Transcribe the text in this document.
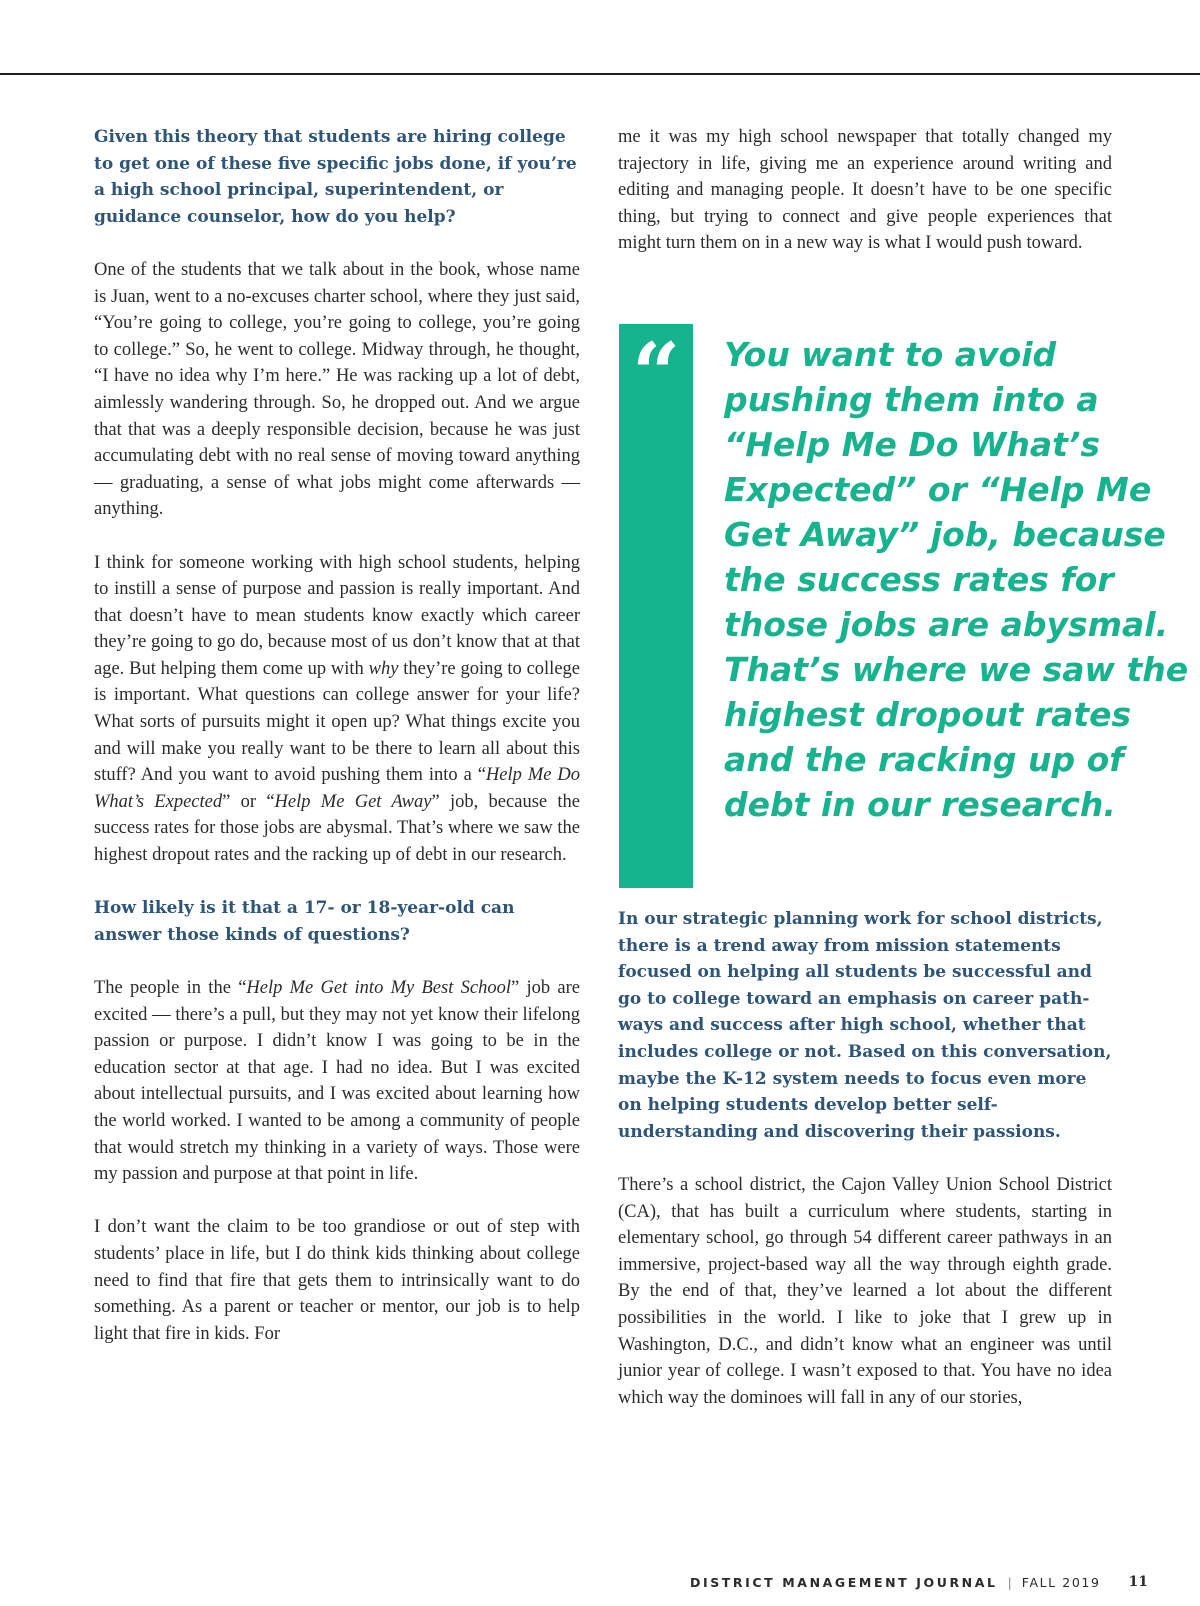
Given this theory that students are hiring college to get one of these five specific jobs done, if you’re a high school principal, superintendent, or guidance counselor, how do you help?

One of the students that we talk about in the book, whose name is Juan, went to a no-excuses charter school, where they just said, “You’re going to college, you’re going to college, you’re going to college.” So, he went to college. Midway through, he thought, “I have no idea why I’m here.” He was racking up a lot of debt, aimlessly wandering through. So, he dropped out. And we argue that that was a deeply responsible decision, because he was just accumulating debt with no real sense of moving toward anything — graduating, a sense of what jobs might come afterwards — anything.

I think for someone working with high school students, helping to instill a sense of purpose and passion is really important. And that doesn’t have to mean students know exactly which career they’re going to go do, because most of us don’t know that at that age. But helping them come up with why they’re going to college is important. What questions can college answer for your life? What sorts of pursuits might it open up? What things excite you and will make you really want to be there to learn all about this stuff? And you want to avoid pushing them into a “Help Me Do What’s Expected” or “Help Me Get Away” job, because the success rates for those jobs are abysmal. That’s where we saw the highest dropout rates and the racking up of debt in our research.

How likely is it that a 17- or 18-year-old can answer those kinds of questions?

The people in the “Help Me Get into My Best School” job are excited — there’s a pull, but they may not yet know their lifelong passion or purpose. I didn’t know I was going to be in the education sector at that age. I had no idea. But I was excited about intellectual pursuits, and I was excited about learning how the world worked. I wanted to be among a community of people that would stretch my thinking in a variety of ways. Those were my passion and purpose at that point in life.

I don’t want the claim to be too grandiose or out of step with students’ place in life, but I do think kids thinking about college need to find that fire that gets them to intrinsically want to do something. As a parent or teacher or mentor, our job is to help light that fire in kids. For

me it was my high school newspaper that totally changed my trajectory in life, giving me an experience around writing and editing and managing people. It doesn’t have to be one specific thing, but trying to connect and give people experiences that might turn them on in a new way is what I would push toward.

“ You want to avoid pushing them into a “Help Me Do What’s Expected” or “Help Me Get Away” job, because the success rates for those jobs are abysmal. That’s where we saw the highest dropout rates and the racking up of debt in our research.

In our strategic planning work for school districts, there is a trend away from mission statements focused on helping all students be successful and go to college toward an emphasis on career path-ways and success after high school, whether that includes college or not. Based on this conversation, maybe the K-12 system needs to focus even more on helping students develop better self-understanding and discovering their passions.

There’s a school district, the Cajon Valley Union School District (CA), that has built a curriculum where students, starting in elementary school, go through 54 different career pathways in an immersive, project-based way all the way through eighth grade. By the end of that, they’ve learned a lot about the different possibilities in the world. I like to joke that I grew up in Washington, D.C., and didn’t know what an engineer was until junior year of college. I wasn’t exposed to that. You have no idea which way the dominoes will fall in any of our stories,

DISTRICT MANAGEMENT JOURNAL | FALL 2019 11
